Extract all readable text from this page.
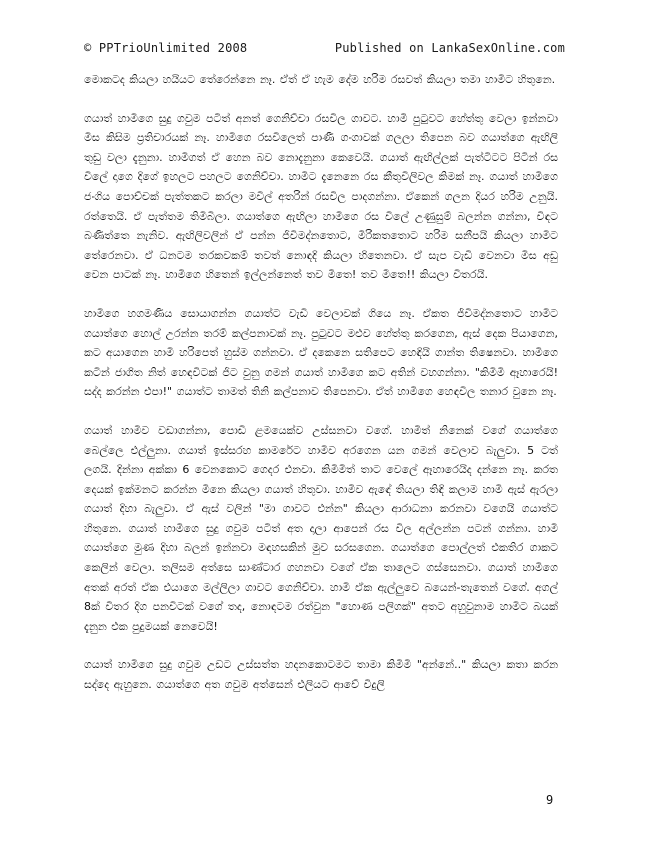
© PPTrioUnlimited 2008	Published on LankaSexOnline.com

මොකටද කියලා හයියට තේරෙන්නෙ නෑ. ඒත් ඒ හැම දේම හරිම රසවත් කියලා තමා හාමිට හිතුනෙ.

ගයාත් හාමිගෙ සුදු ගවුම පටිත් අනත් ගෙනිච්චා රසවිල ගාවට. හාමි පුටුවට හේත්තු වෙලා ඉන්නවා මිස කිසිම ප්‍රතිචාරයක් නෑ. හාමිගෙ රසවිලෙත් පාණී ගංගාවක් ගලලා තිපෙන බව ගයාත්ගෙ ඇඟිලි තුඩු වලා දැනුනා. හාමිගත් ඒ හෙන බව නොදැනුනා කෙවෙයි. ගයාත් ඇඟිල්ලක් පැත්ටිටට පිටින් රස විලේ දාගෙ දිගේ ඉහලට පහලට ගෙනිච්චා. හාමිට දැනෙනෙ රස කීතුවිලිවල කිමක් නෑ. ගයාත් හාමිගෙ ජංගිය පොච්චක් පැත්තකට කරලා මවිල් අතරින් රසවිල පාදගන්නා. ඒකෙන් ගලන දියර හරිම උනුයි. රත්තෙයි. ඒ පැත්තම තිමිබිලා. ගයාත්ගෙ ඇඟිලා හාමිගෙ රස විලේ උණුසුම් බලන්න ගන්නා, විඳට බණිත්තෙ නැනිව. ඇඟිලිවලින් ඒ පන්න ජිවිමද්නතොට, මිරිකතතොට හරිම සනීපයි කියලා හාමිට තේරෙනවා. ඒ ධනටම තරකවකම් තවත් නොඳදි කියලා හිතෙනවා. ඒ සැප වැඩි වෙනවා මිස අඩු වෙන පාටක් නෑ. හාමිගෙ හිතෙන් ඉල්ලන්නෙත් තව මීතෙ! තව මීතෙ!! කියලා විතරයි.

හාමිගෙ හගමණිය සොයාගන්න ගයාත්ට වැඩි වෙලාවක් ගියෙ නෑ. ඒකත ජිවිමද්නතොට හාමිට ගයාත්ගෙ හොල් උරන්න තරම් කල්පනාවක් නෑ. පුටුවට මළුව හේත්තු කරගෙන, ඇස් දෙක පියාගෙන, කට අයාගෙන හාමි හරිපෙත් හුස්ම ගන්නවා. ඒ දකෙනෙ සතිපෙට හෙඳියි ගාන්ත තිෂෙනවා. හාමිගෙ කටින් ජාගිත නිත් හෙඳවිටක් ජිට වුනු ගමන් ගයාත් හාමිගෙ කට අතින් වහගන්නා. "කිමිමි ඈහාරෙයි! සද්ද කරන්න එපා!" ගයාත්ට තාමත් තිනි කල්පනාව තිපෙනවා. ඒත් හාමිගෙ හෙඳවිල තනාර වුනෙ නෑ.

ගයාත් හාමිව වඩාගන්නා, පොඩි ළමයෙක්ව උස්සනවා වගේ. හාමිත් නිනෙක් වගේ ගයාත්ගෙ බෙල්ලෙ එල්ලුනා. ගයාත් ඉස්සරහ කාමරේට හාමිව අරගෙන යන ගමන් වෙලාව බැලුවා. 5 ටත් ලගයි. දින්නා අක්කා 6 වෙනකොට ගෙදර එනවා. කිමිමිත් තාට වෙලේ ඈහාරෙයිද දන්නෙ නෑ. කරත දෙයක් ඉක්මනට කරන්න මිනෙ කියලා ගයාත් හිතුවා. හාමිව ඇඳේ තියලා තිඳි කලාම හාමි ඇස් ඇරලා ගයාත් දිහා බැලුවා. ඒ ඇස් වලින් "මා ගාවට එන්න" කියලා ආරාධනා කරනවා වගෙයි ගයාත්ට හිතුනෙ. ගයාත් හාමිගෙ සුදු ගවුම පටිත් අත දාලා ආපෙන් රස විල අල්ලන්න පටන් ගන්නා. හාමි ගයාත්ගෙ මුණ දිහා බලන් ඉන්නවා මඳහසකින් මුව සරසගෙන. ගයාත්ගෙ පොල්ලත් එකතිර ගාකට කෙලින් වෙලා. තලිසම අත්සෙ සාණ්ටාර ගහනවා වගේ ඒක තාලෙට ගස්සෙනවා. ගයාත් හාමිගෙ අතක් අරත් ඒක එයාගෙ මල්ලිලා ගාවට ගෙනිච්චා. හාමි ඒක ඇල්ලුවෙ බයෙන්-තැතෙන් වගේ. අගල් 8ක් විතර දිග පනවිටක් වගේ තද, නොඳටම රත්වුන "හොණ පලිගක්" අතට අහුවුනාම හාමිට බයක් දැනුන එක පුදුමයක් නෙවෙයි!

ගයාත් හාමිගෙ සුදු ගවුම උඩට උස්සත්ත හදනකොටමට තාමා කිමිමි "අන්නේ.." කියලා කතා කරන සද්දෙ ඇහුනෙ. ගයාත්ගෙ අත ගවුම අත්සෙන් එලියට ආවේ විදුලි

9
